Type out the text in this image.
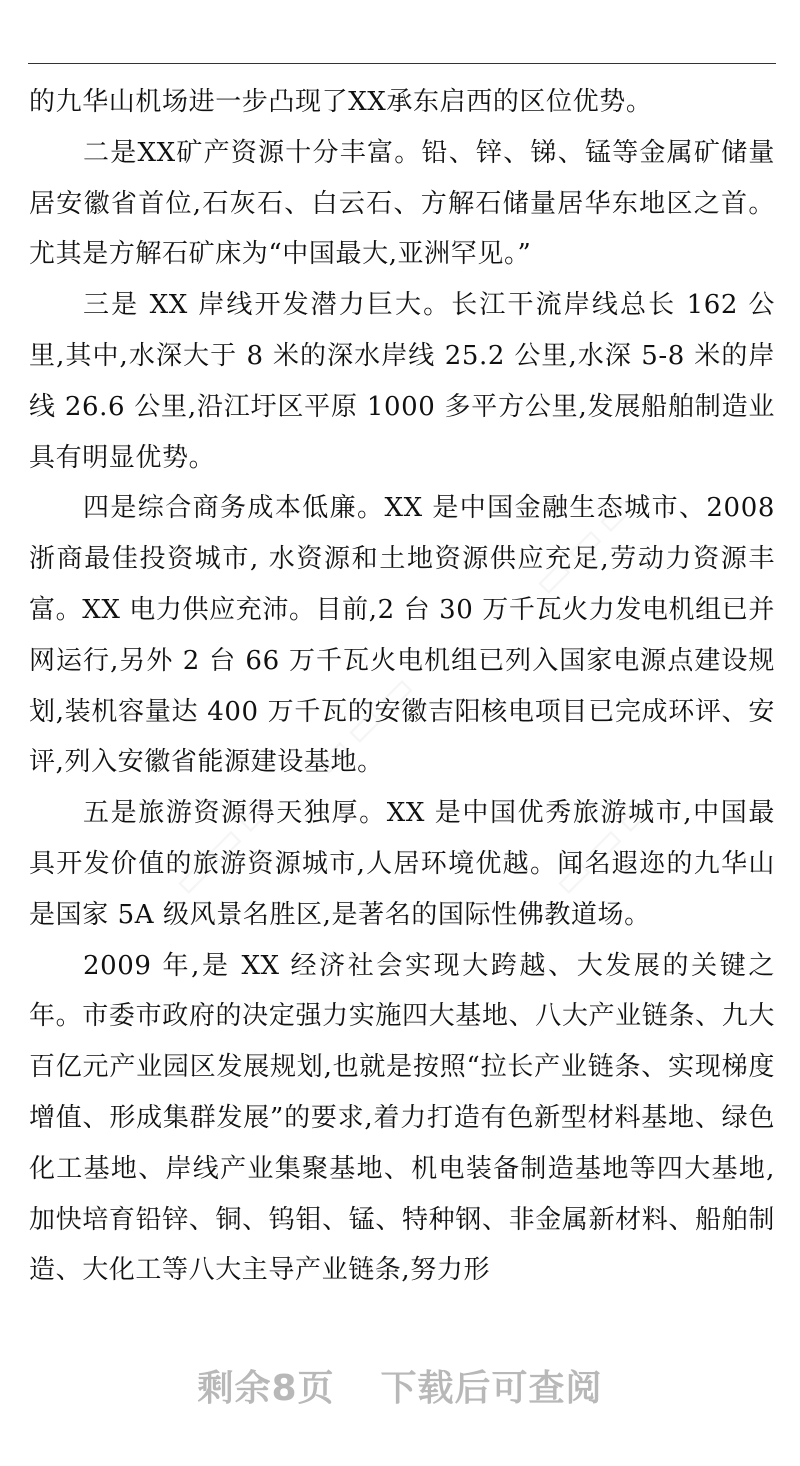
的九华山机场进一步凸现了XX承东启西的区位优势。

二是XX矿产资源十分丰富。铅、锌、锑、锰等金属矿储量居安徽省首位,石灰石、白云石、方解石储量居华东地区之首。尤其是方解石矿床为“中国最大,亚洲罕见。”

三是 XX 岸线开发潜力巨大。长江干流岸线总长 162 公里,其中,水深大于 8 米的深水岸线 25.2 公里,水深 5-8 米的岸线 26.6 公里,沿江圩区平原 1000 多平方公里,发展船舶制造业具有明显优势。

四是综合商务成本低廉。XX 是中国金融生态城市、2008 浙商最佳投资城市, 水资源和土地资源供应充足,劳动力资源丰富。XX 电力供应充沛。目前,2 台 30 万千瓦火力发电机组已并网运行,另外 2 台 66 万千瓦火电机组已列入国家电源点建设规划,装机容量达 400 万千瓦的安徽吉阳核电项目已完成环评、安评,列入安徽省能源建设基地。

五是旅游资源得天独厚。XX 是中国优秀旅游城市,中国最具开发价值的旅游资源城市,人居环境优越。闻名遐迩的九华山是国家 5A 级风景名胜区,是著名的国际性佛教道场。

2009 年,是 XX 经济社会实现大跨越、大发展的关键之年。市委市政府的决定强力实施四大基地、八大产业链条、九大百亿元产业园区发展规划,也就是按照“拉长产业链条、实现梯度增值、形成集群发展”的要求,着力打造有色新型材料基地、绿色化工基地、岸线产业集聚基地、机电装备制造基地等四大基地,加快培育铅锌、铜、钨钼、锰、特种钢、非金属新材料、船舶制造、大化工等八大主导产业链条,努力形

▭▭▭
▭▭▭
▭▭▭	▭▭▭
剩余8页 下载后可查阅
